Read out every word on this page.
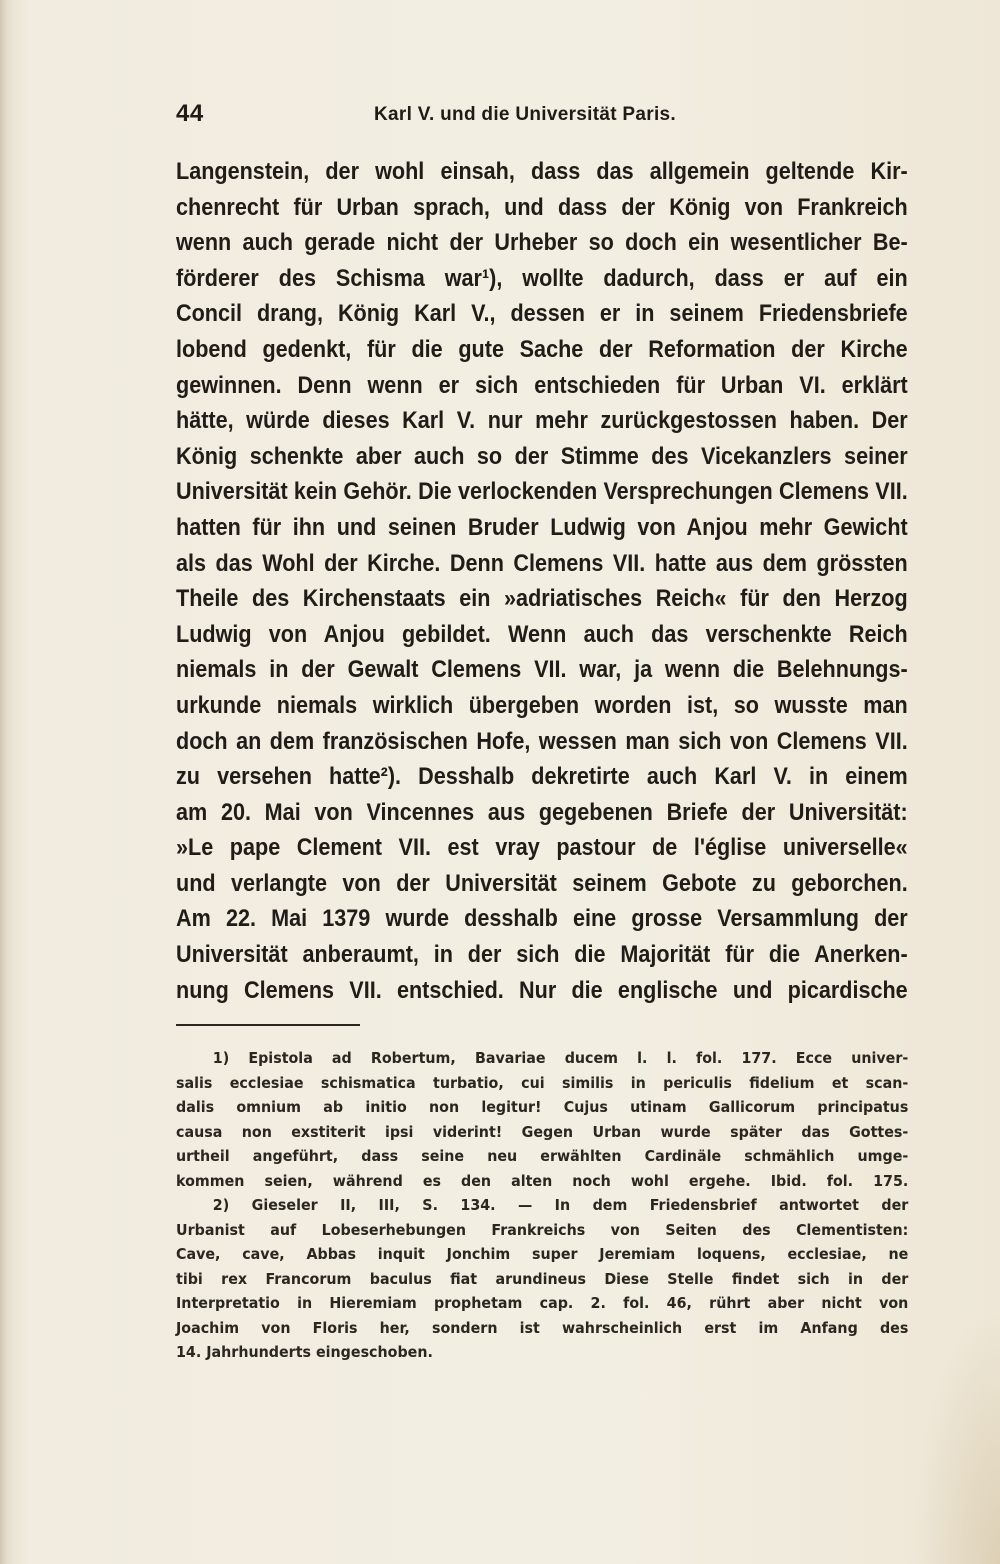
44	Karl V. und die Universität Paris.
Langenstein, der wohl einsah, dass das allgemein geltende Kir-
chenrecht für Urban sprach, und dass der König von Frankreich
wenn auch gerade nicht der Urheber so doch ein wesentlicher Be-
förderer des Schisma war¹), wollte dadurch, dass er auf ein
Concil drang, König Karl V., dessen er in seinem Friedensbriefe
lobend gedenkt, für die gute Sache der Reformation der Kirche
gewinnen. Denn wenn er sich entschieden für Urban VI. erklärt
hätte, würde dieses Karl V. nur mehr zurückgestossen haben. Der
König schenkte aber auch so der Stimme des Vicekanzlers seiner
Universität kein Gehör. Die verlockenden Versprechungen Clemens VII.
hatten für ihn und seinen Bruder Ludwig von Anjou mehr Gewicht
als das Wohl der Kirche. Denn Clemens VII. hatte aus dem grössten
Theile des Kirchenstaats ein »adriatisches Reich« für den Herzog
Ludwig von Anjou gebildet. Wenn auch das verschenkte Reich
niemals in der Gewalt Clemens VII. war, ja wenn die Belehnungs-
urkunde niemals wirklich übergeben worden ist, so wusste man
doch an dem französischen Hofe, wessen man sich von Clemens VII.
zu versehen hatte²). Desshalb dekretirte auch Karl V. in einem
am 20. Mai von Vincennes aus gegebenen Briefe der Universität:
»Le pape Clement VII. est vray pastour de l'église universelle«
und verlangte von der Universität seinem Gebote zu geborchen.
Am 22. Mai 1379 wurde desshalb eine grosse Versammlung der
Universität anberaumt, in der sich die Majorität für die Anerken-
nung Clemens VII. entschied. Nur die englische und picardische
1) Epistola ad Robertum, Bavariae ducem l. l. fol. 177. Ecce univer-
salis ecclesiae schismatica turbatio, cui similis in periculis fidelium et scan-
dalis omnium ab initio non legitur! Cujus utinam Gallicorum principatus
causa non exstiterit ipsi viderint! Gegen Urban wurde später das Gottes-
urtheil angeführt, dass seine neu erwählten Cardinäle schmählich umge-
kommen seien, während es den alten noch wohl ergehe. Ibid. fol. 175.
2) Gieseler II, III, S. 134. — In dem Friedensbrief antwortet der
Urbanist auf Lobeserhebungen Frankreichs von Seiten des Clementisten:
Cave, cave, Abbas inquit Jonchim super Jeremiam loquens, ecclesiae, ne
tibi rex Francorum baculus fiat arundineus Diese Stelle findet sich in der
Interpretatio in Hieremiam prophetam cap. 2. fol. 46, rührt aber nicht von
Joachim von Floris her, sondern ist wahrscheinlich erst im Anfang des
14. Jahrhunderts eingeschoben.
